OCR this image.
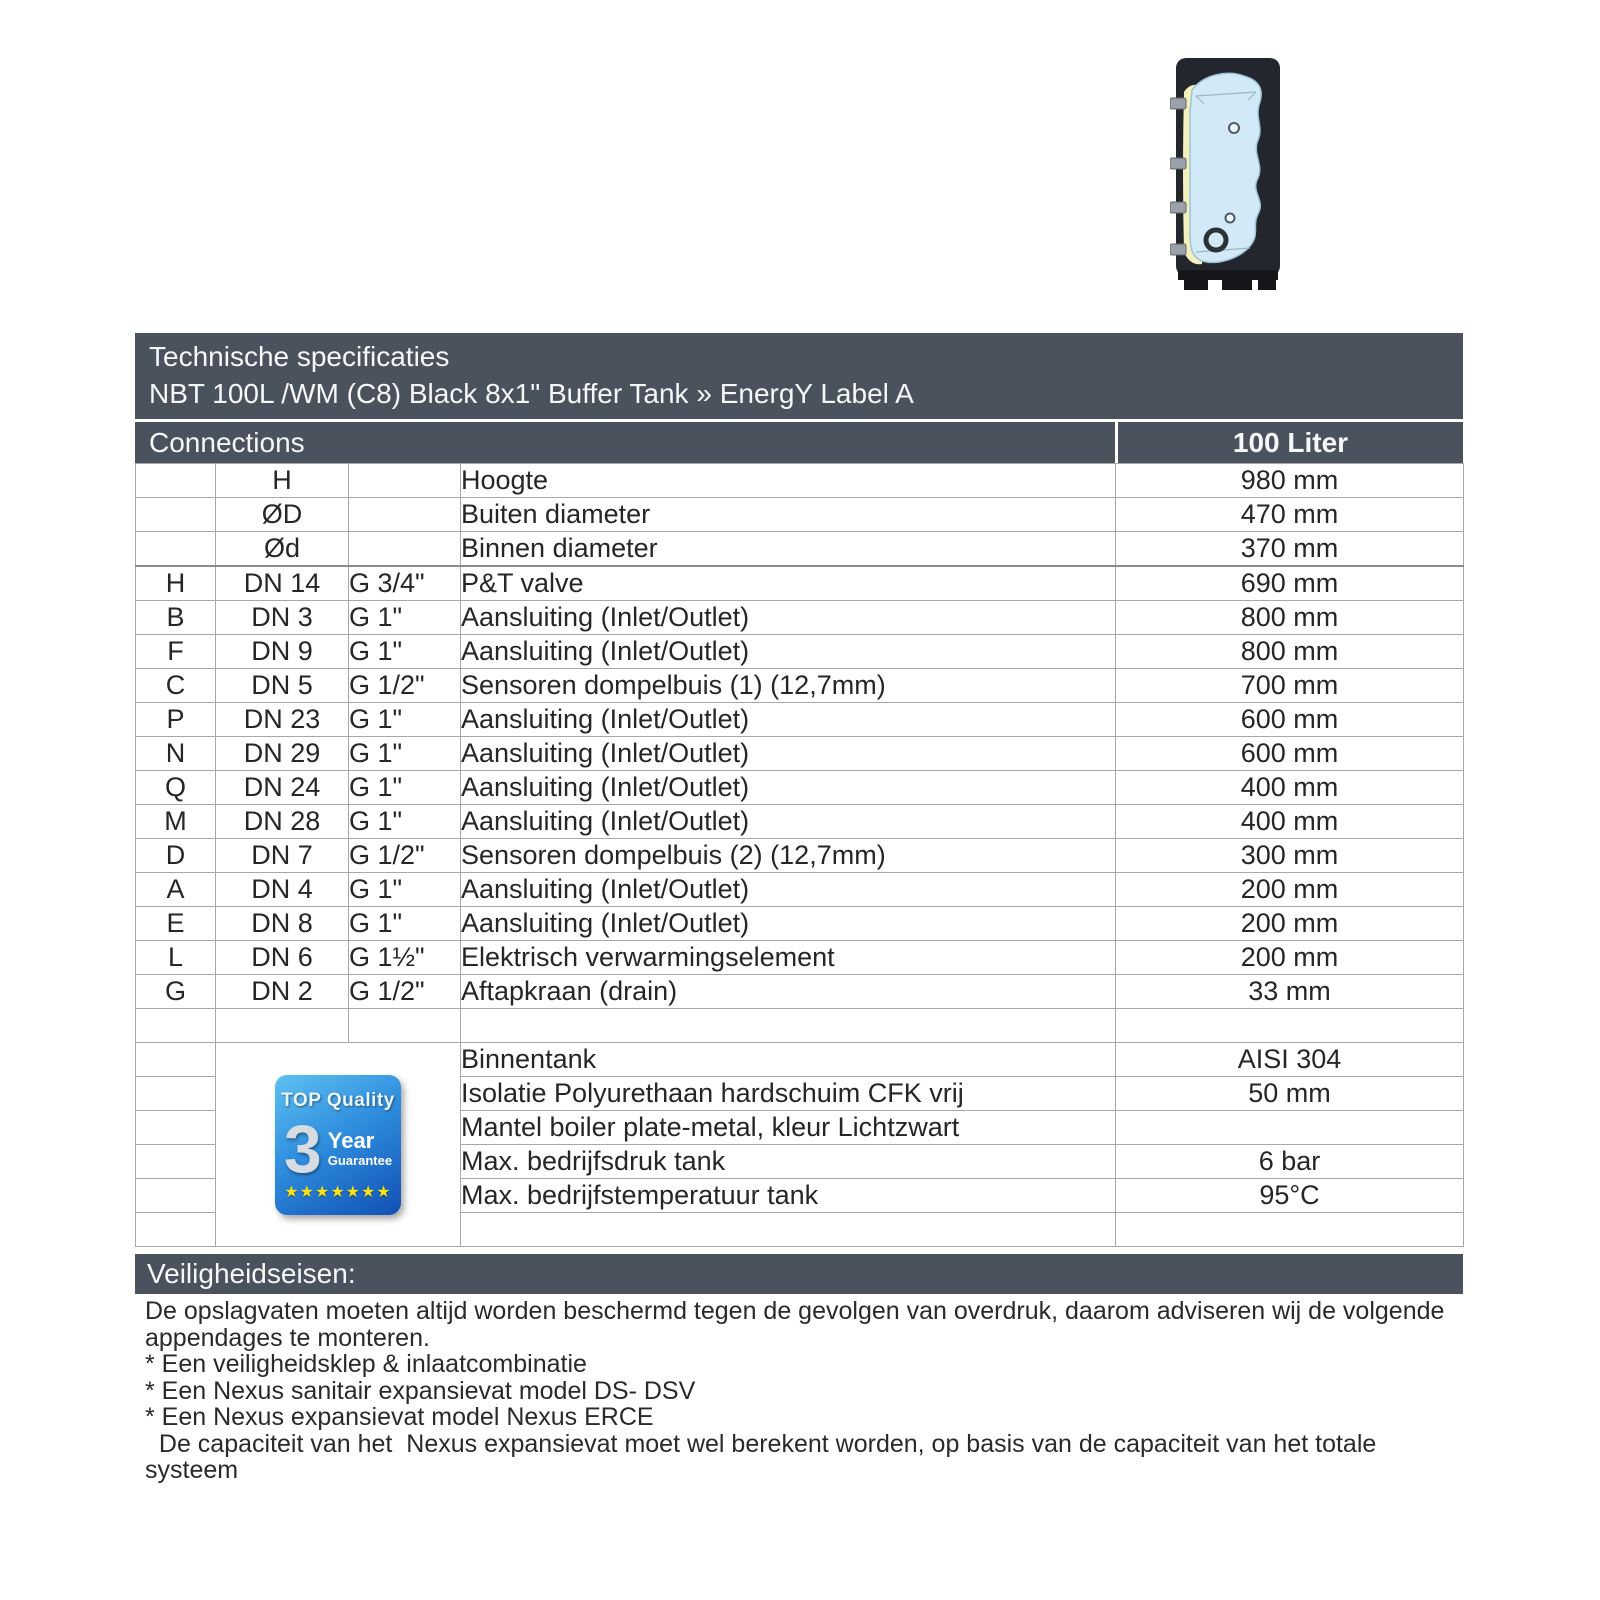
Technische specificaties
NBT 100L /WM (C8) Black 8x1" Buffer Tank » EnergY Label A
Connections	100 Liter
	H		Hoogte	980 mm
	ØD		Buiten diameter	470 mm
	Ød		Binnen diameter	370 mm
H	DN 14	G 3/4"	P&T valve	690 mm
B	DN 3	G 1"	Aansluiting (Inlet/Outlet)	800 mm
F	DN 9	G 1"	Aansluiting (Inlet/Outlet)	800 mm
C	DN 5	G 1/2"	Sensoren dompelbuis (1) (12,7mm)	700 mm
P	DN 23	G 1"	Aansluiting (Inlet/Outlet)	600 mm
N	DN 29	G 1"	Aansluiting (Inlet/Outlet)	600 mm
Q	DN 24	G 1"	Aansluiting (Inlet/Outlet)	400 mm
M	DN 28	G 1"	Aansluiting (Inlet/Outlet)	400 mm
D	DN 7	G 1/2"	Sensoren dompelbuis (2) (12,7mm)	300 mm
A	DN 4	G 1"	Aansluiting (Inlet/Outlet)	200 mm
E	DN 8	G 1"	Aansluiting (Inlet/Outlet)	200 mm
L	DN 6	G 1½"	Elektrisch verwarmingselement	200 mm
G	DN 2	G 1/2"	Aftapkraan (drain)	33 mm

	TOP Quality
3 Year
Guarantee
★★★★★★★		Binnentank	AISI 304
			Isolatie Polyurethaan hardschuim CFK vrij	50 mm
			Mantel boiler plate-metal, kleur Lichtzwart	
			Max. bedrijfsdruk tank	6 bar
			Max. bedrijfstemperatuur tank	95°C

Veiligheidseisen:
De opslagvaten moeten altijd worden beschermd tegen de gevolgen van overdruk, daarom adviseren wij de volgende
appendages te monteren.
* Een veiligheidsklep & inlaatcombinatie
* Een Nexus sanitair expansievat model DS- DSV
* Een Nexus expansievat model Nexus ERCE
De capaciteit van het  Nexus expansievat moet wel berekent worden, op basis van de capaciteit van het totale systeem
